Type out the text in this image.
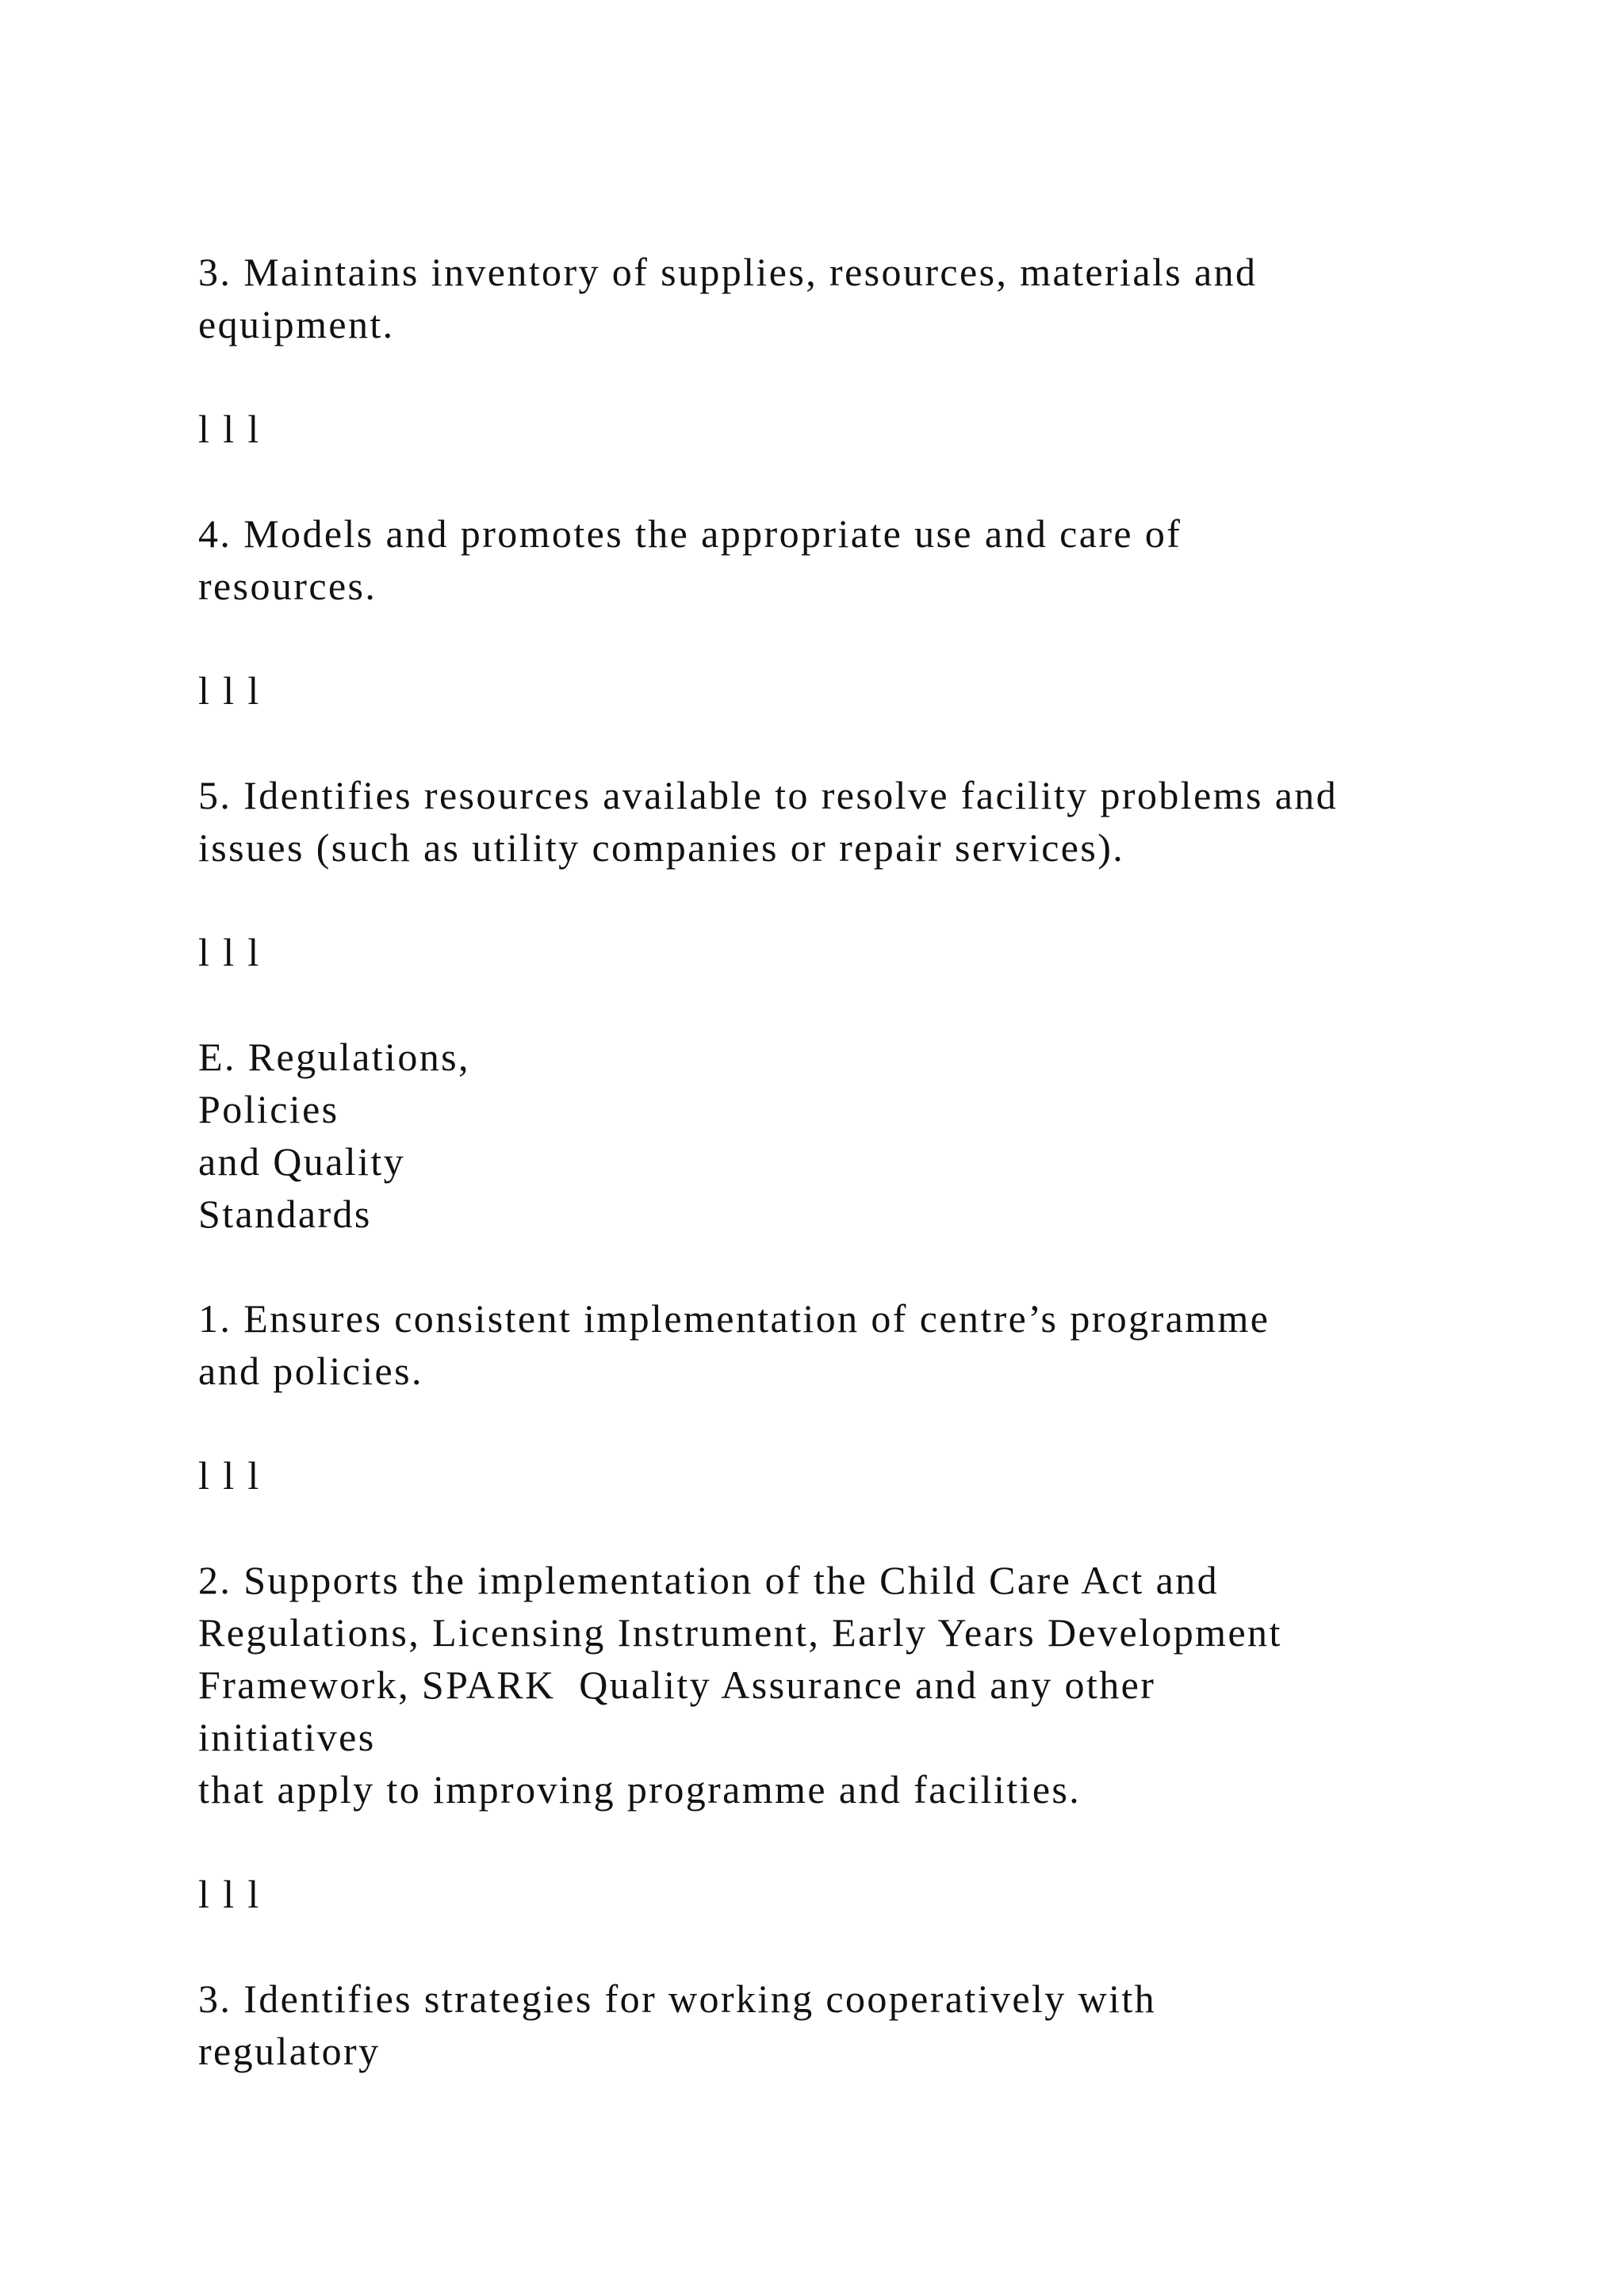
3. Maintains inventory of supplies, resources, materials and
equipment.
l l l
4. Models and promotes the appropriate use and care of
resources.
l l l
5. Identifies resources available to resolve facility problems and
issues (such as utility companies or repair services).
l l l
E. Regulations,
Policies
and Quality
Standards
1. Ensures consistent implementation of centre’s programme
and policies.
l l l
2. Supports the implementation of the Child Care Act and
Regulations, Licensing Instrument, Early Years Development
Framework, SPARK  Quality Assurance and any other
initiatives
that apply to improving programme and facilities.
l l l
3. Identifies strategies for working cooperatively with
regulatory
